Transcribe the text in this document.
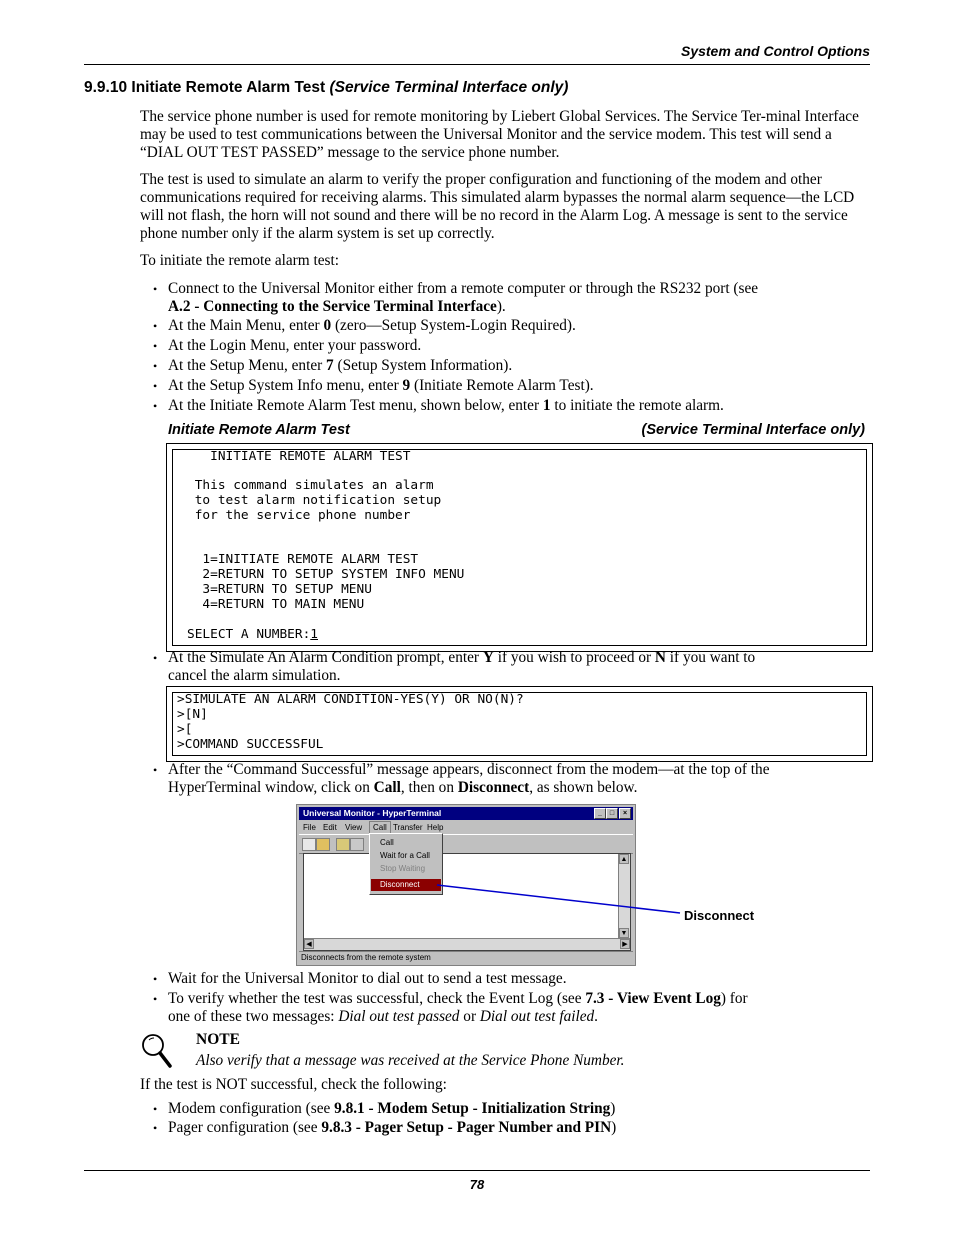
System and Control Options
9.9.10 Initiate Remote Alarm Test (Service Terminal Interface only)
The service phone number is used for remote monitoring by Liebert Global Services. The Service Ter-minal Interface may be used to test communications between the Universal Monitor and the service modem. This test will send a “DIAL OUT TEST PASSED” message to the service phone number.
The test is used to simulate an alarm to verify the proper configuration and functioning of the modem and other communications required for receiving alarms. This simulated alarm bypasses the normal alarm sequence—the LCD will not flash, the horn will not sound and there will be no record in the Alarm Log. A message is sent to the service phone number only if the alarm system is set up correctly.
To initiate the remote alarm test:
• Connect to the Universal Monitor either from a remote computer or through the RS232 port (see
A.2 - Connecting to the Service Terminal Interface).
• At the Main Menu, enter 0 (zero—Setup System-Login Required).
• At the Login Menu, enter your password.
• At the Setup Menu, enter 7 (Setup System Information).
• At the Setup System Info menu, enter 9 (Initiate Remote Alarm Test).
• At the Initiate Remote Alarm Test menu, shown below, enter 1 to initiate the remote alarm.
Initiate Remote Alarm Test	(Service Terminal Interface only)
INITIATE REMOTE ALARM TEST
This command simulates an alarm
to test alarm notification setup
for the service phone number
1=INITIATE REMOTE ALARM TEST
2=RETURN TO SETUP SYSTEM INFO MENU
3=RETURN TO SETUP MENU
4=RETURN TO MAIN MENU
SELECT A NUMBER:1
• At the Simulate An Alarm Condition prompt, enter Y if you wish to proceed or N if you want to
cancel the alarm simulation.
>SIMULATE AN ALARM CONDITION-YES(Y) OR NO(N)?
>[N]
>[
>COMMAND SUCCESSFUL
• After the “Command Successful” message appears, disconnect from the modem—at the top of the
HyperTerminal window, click on Call, then on Disconnect, as shown below.
Universal Monitor - HyperTerminal	_	□	×
File Edit View	Call Transfer Help
▲
▼
◀	▶
Call
Wait for a Call
Stop Waiting
Disconnect
Disconnects from the remote system
Disconnect
• Wait for the Universal Monitor to dial out to send a test message.
• To verify whether the test was successful, check the Event Log (see 7.3 - View Event Log) for
one of these two messages: Dial out test passed or Dial out test failed.
NOTE
Also verify that a message was received at the Service Phone Number.
If the test is NOT successful, check the following:
• Modem configuration (see 9.8.1 - Modem Setup - Initialization String)
• Pager configuration (see 9.8.3 - Pager Setup - Pager Number and PIN)
78
